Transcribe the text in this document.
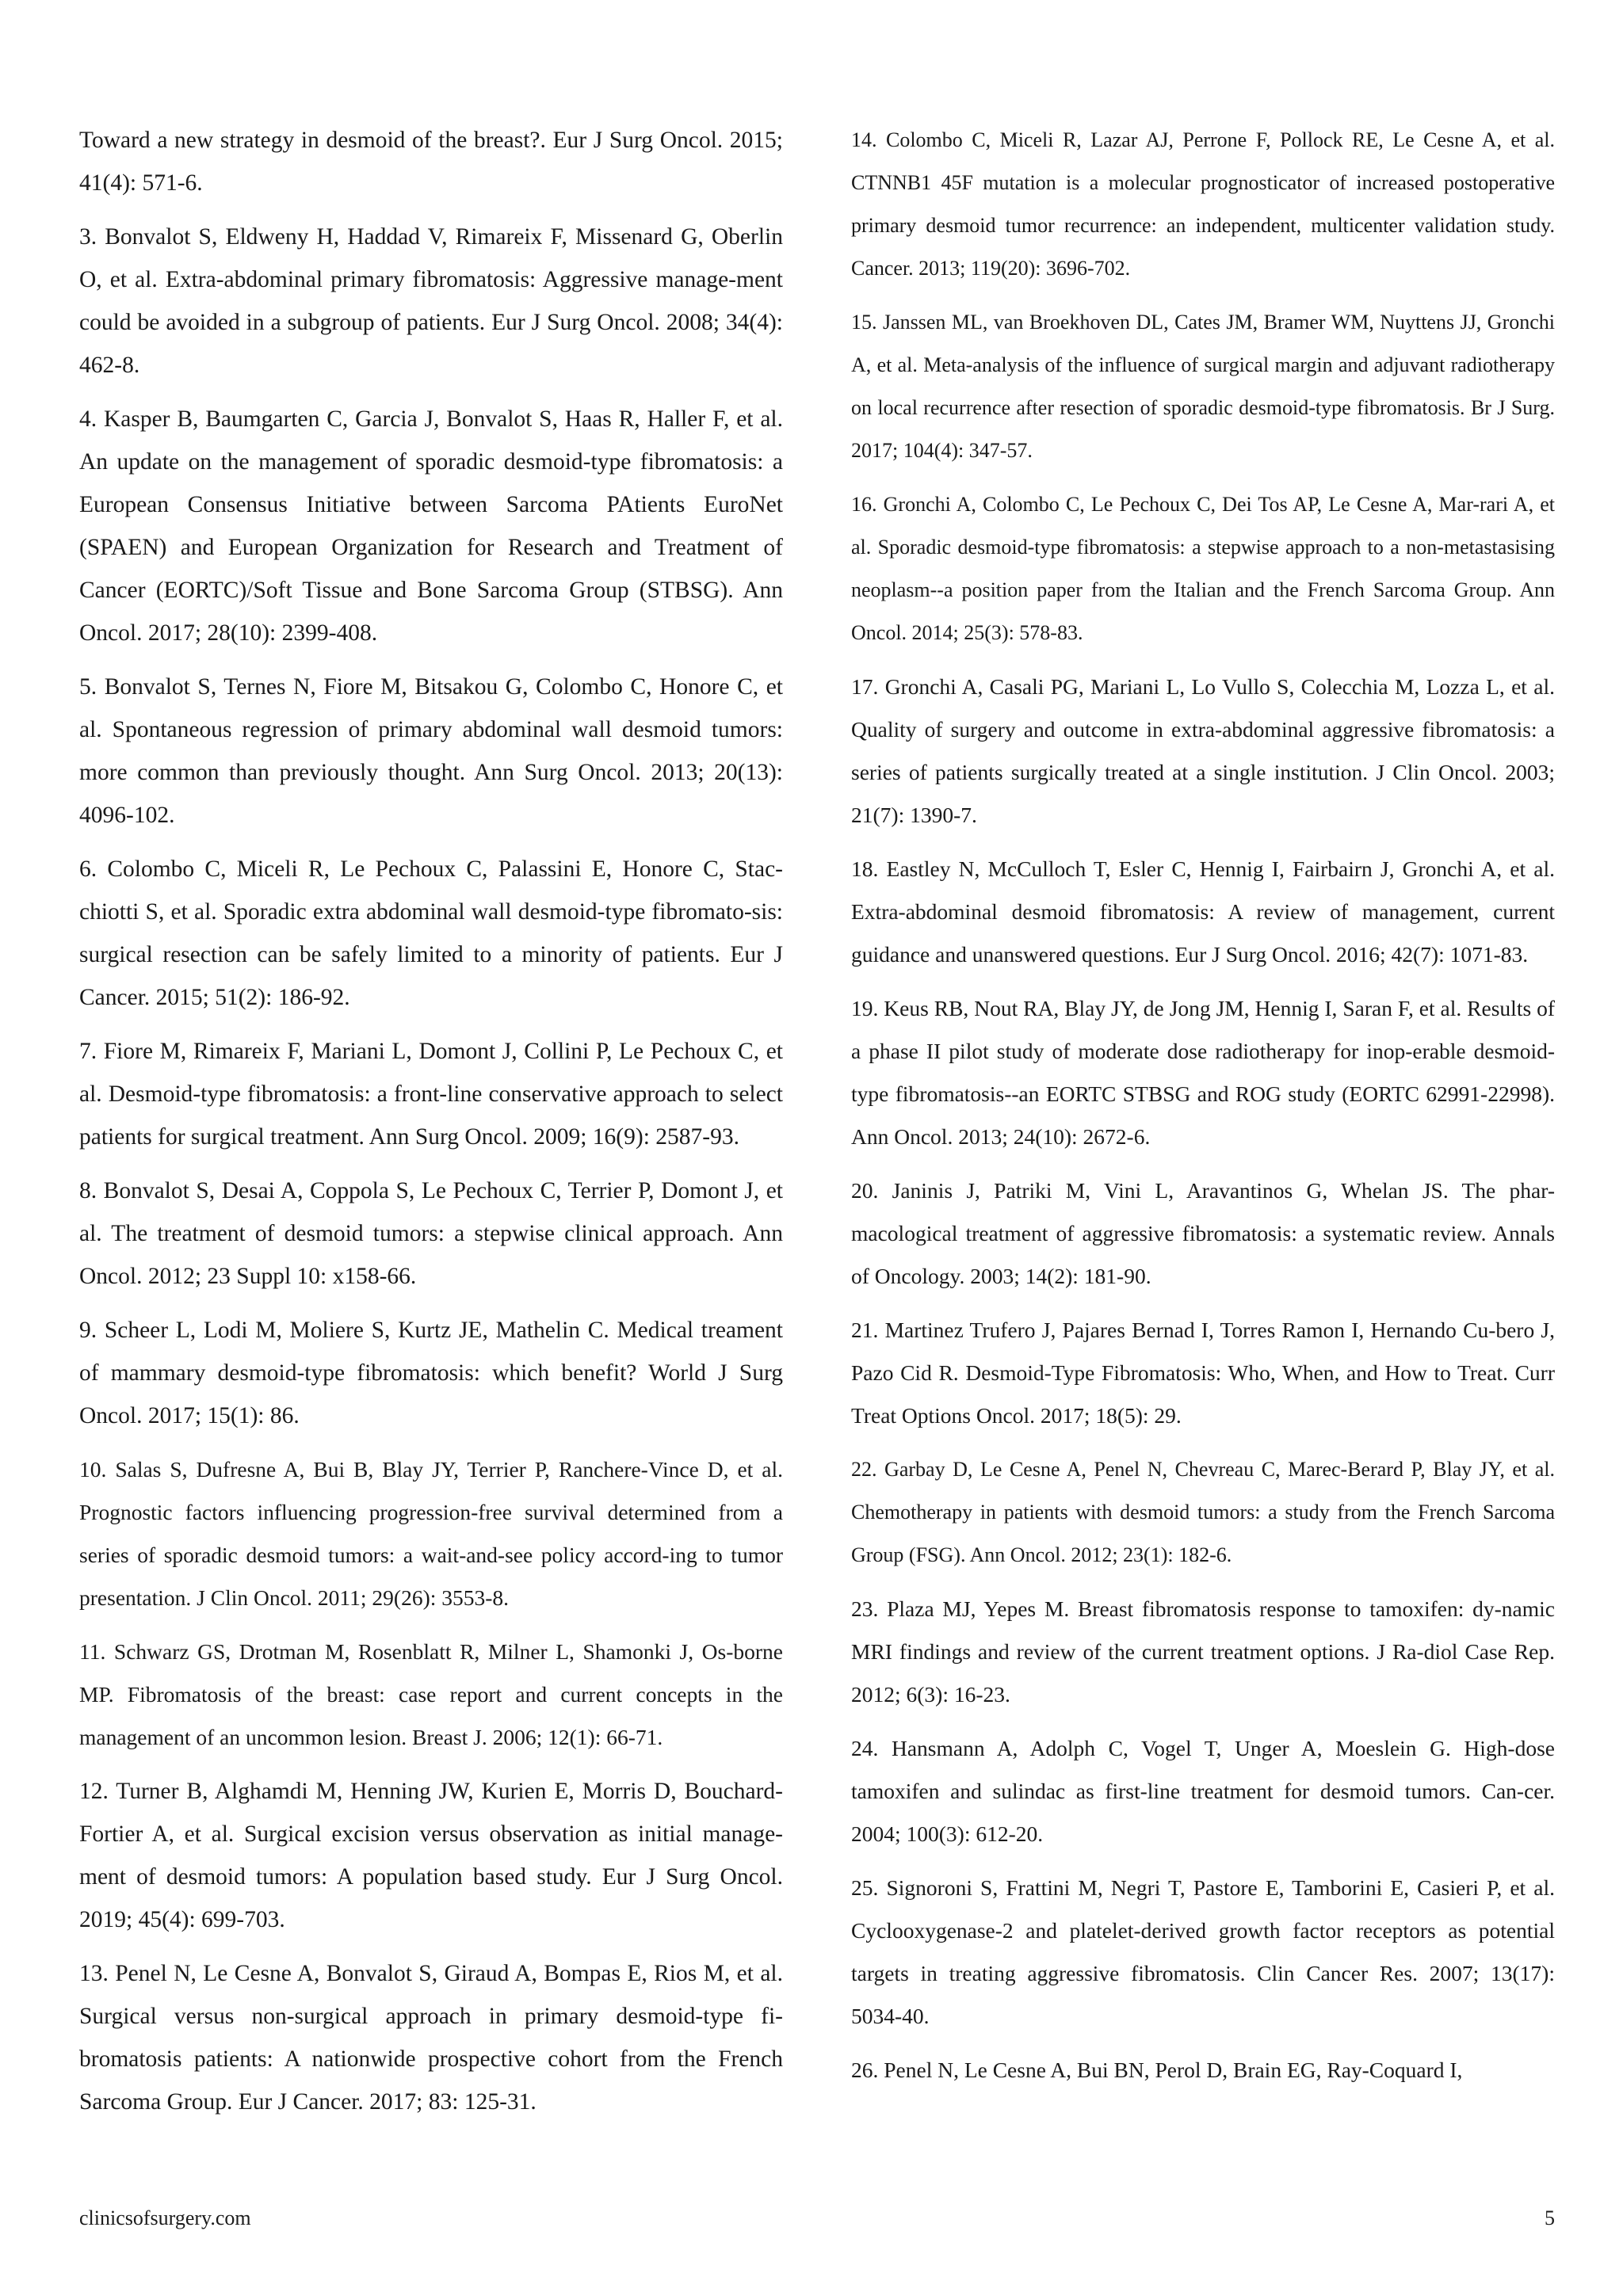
Toward a new strategy in desmoid of the breast?. Eur J Surg Oncol. 2015; 41(4): 571-6.

3. Bonvalot S, Eldweny H, Haddad V, Rimareix F, Missenard G, Oberlin O, et al. Extra-abdominal primary fibromatosis: Aggressive manage-ment could be avoided in a subgroup of patients. Eur J Surg Oncol. 2008; 34(4): 462-8.

4. Kasper B, Baumgarten C, Garcia J, Bonvalot S, Haas R, Haller F, et al. An update on the management of sporadic desmoid-type fibromatosis: a European Consensus Initiative between Sarcoma PAtients EuroNet (SPAEN) and European Organization for Research and Treatment of Cancer (EORTC)/Soft Tissue and Bone Sarcoma Group (STBSG). Ann Oncol. 2017; 28(10): 2399-408.

5. Bonvalot S, Ternes N, Fiore M, Bitsakou G, Colombo C, Honore C, et al. Spontaneous regression of primary abdominal wall desmoid tumors: more common than previously thought. Ann Surg Oncol. 2013; 20(13): 4096-102.

6. Colombo C, Miceli R, Le Pechoux C, Palassini E, Honore C, Stac-chiotti S, et al. Sporadic extra abdominal wall desmoid-type fibromato-sis: surgical resection can be safely limited to a minority of patients. Eur J Cancer. 2015; 51(2): 186-92.

7. Fiore M, Rimareix F, Mariani L, Domont J, Collini P, Le Pechoux C, et al. Desmoid-type fibromatosis: a front-line conservative approach to select patients for surgical treatment. Ann Surg Oncol. 2009; 16(9): 2587-93.

8. Bonvalot S, Desai A, Coppola S, Le Pechoux C, Terrier P, Domont J, et al. The treatment of desmoid tumors: a stepwise clinical approach. Ann Oncol. 2012; 23 Suppl 10: x158-66.

9. Scheer L, Lodi M, Moliere S, Kurtz JE, Mathelin C. Medical treament of mammary desmoid-type fibromatosis: which benefit? World J Surg Oncol. 2017; 15(1): 86.

10. Salas S, Dufresne A, Bui B, Blay JY, Terrier P, Ranchere-Vince D, et al. Prognostic factors influencing progression-free survival determined from a series of sporadic desmoid tumors: a wait-and-see policy accord-ing to tumor presentation. J Clin Oncol. 2011; 29(26): 3553-8.

11. Schwarz GS, Drotman M, Rosenblatt R, Milner L, Shamonki J, Os-borne MP. Fibromatosis of the breast: case report and current concepts in the management of an uncommon lesion. Breast J. 2006; 12(1): 66-71.

12. Turner B, Alghamdi M, Henning JW, Kurien E, Morris D, Bouchard-Fortier A, et al. Surgical excision versus observation as initial manage-ment of desmoid tumors: A population based study. Eur J Surg Oncol. 2019; 45(4): 699-703.

13. Penel N, Le Cesne A, Bonvalot S, Giraud A, Bompas E, Rios M, et al. Surgical versus non-surgical approach in primary desmoid-type fi-bromatosis patients: A nationwide prospective cohort from the French Sarcoma Group. Eur J Cancer. 2017; 83: 125-31.

14. Colombo C, Miceli R, Lazar AJ, Perrone F, Pollock RE, Le Cesne A, et al. CTNNB1 45F mutation is a molecular prognosticator of increased postoperative primary desmoid tumor recurrence: an independent, multicenter validation study. Cancer. 2013; 119(20): 3696-702.

15. Janssen ML, van Broekhoven DL, Cates JM, Bramer WM, Nuyttens JJ, Gronchi A, et al. Meta-analysis of the influence of surgical margin and adjuvant radiotherapy on local recurrence after resection of sporadic desmoid-type fibromatosis. Br J Surg. 2017; 104(4): 347-57.

16. Gronchi A, Colombo C, Le Pechoux C, Dei Tos AP, Le Cesne A, Mar-rari A, et al. Sporadic desmoid-type fibromatosis: a stepwise approach to a non-metastasising neoplasm--a position paper from the Italian and the French Sarcoma Group. Ann Oncol. 2014; 25(3): 578-83.

17. Gronchi A, Casali PG, Mariani L, Lo Vullo S, Colecchia M, Lozza L, et al. Quality of surgery and outcome in extra-abdominal aggressive fibromatosis: a series of patients surgically treated at a single institution. J Clin Oncol. 2003; 21(7): 1390-7.

18. Eastley N, McCulloch T, Esler C, Hennig I, Fairbairn J, Gronchi A, et al. Extra-abdominal desmoid fibromatosis: A review of management, current guidance and unanswered questions. Eur J Surg Oncol. 2016; 42(7): 1071-83.

19. Keus RB, Nout RA, Blay JY, de Jong JM, Hennig I, Saran F, et al. Results of a phase II pilot study of moderate dose radiotherapy for inop-erable desmoid-type fibromatosis--an EORTC STBSG and ROG study (EORTC 62991-22998). Ann Oncol. 2013; 24(10): 2672-6.

20. Janinis J, Patriki M, Vini L, Aravantinos G, Whelan JS. The phar-macological treatment of aggressive fibromatosis: a systematic review. Annals of Oncology. 2003; 14(2): 181-90.

21. Martinez Trufero J, Pajares Bernad I, Torres Ramon I, Hernando Cu-bero J, Pazo Cid R. Desmoid-Type Fibromatosis: Who, When, and How to Treat. Curr Treat Options Oncol. 2017; 18(5): 29.

22. Garbay D, Le Cesne A, Penel N, Chevreau C, Marec-Berard P, Blay JY, et al. Chemotherapy in patients with desmoid tumors: a study from the French Sarcoma Group (FSG). Ann Oncol. 2012; 23(1): 182-6.

23. Plaza MJ, Yepes M. Breast fibromatosis response to tamoxifen: dy-namic MRI findings and review of the current treatment options. J Ra-diol Case Rep. 2012; 6(3): 16-23.

24. Hansmann A, Adolph C, Vogel T, Unger A, Moeslein G. High-dose tamoxifen and sulindac as first-line treatment for desmoid tumors. Can-cer. 2004; 100(3): 612-20.

25. Signoroni S, Frattini M, Negri T, Pastore E, Tamborini E, Casieri P, et al. Cyclooxygenase-2 and platelet-derived growth factor receptors as potential targets in treating aggressive fibromatosis. Clin Cancer Res. 2007; 13(17): 5034-40.

26. Penel N, Le Cesne A, Bui BN, Perol D, Brain EG, Ray-Coquard I,

clinicsofsurgery.com	5
